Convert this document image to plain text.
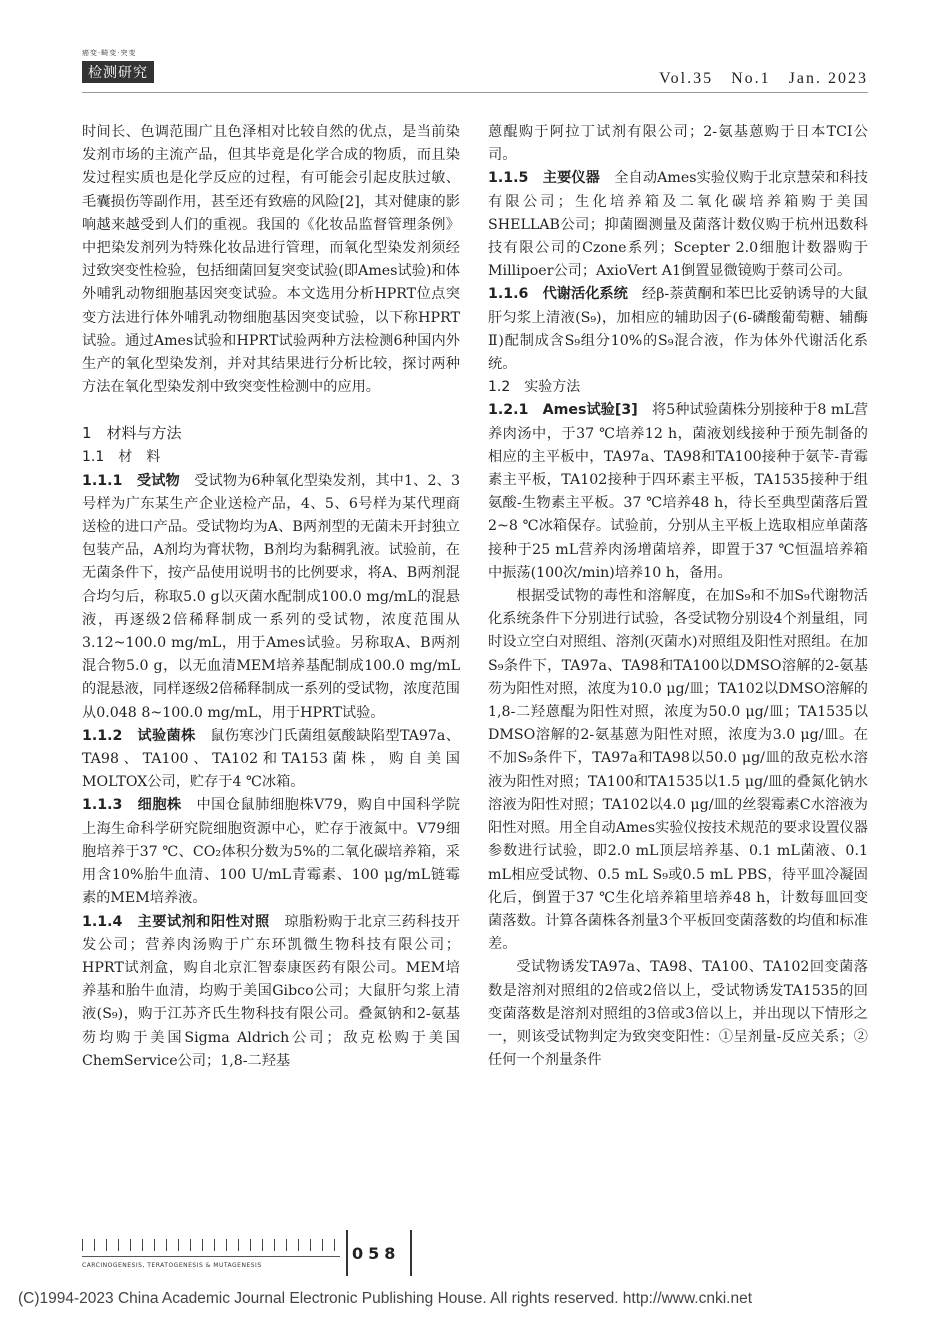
癌变·畸变·突变
检测研究	Vol.35　No.1　Jan. 2023

时间长、色调范围广且色泽相对比较自然的优点，是当前染发剂市场的主流产品，但其毕竟是化学合成的物质，而且染发过程实质也是化学反应的过程，有可能会引起皮肤过敏、毛囊损伤等副作用，甚至还有致癌的风险[2]，其对健康的影响越来越受到人们的重视。我国的《化妆品监督管理条例》中把染发剂列为特殊化妆品进行管理，而氧化型染发剂须经过致突变性检验，包括细菌回复突变试验(即Ames试验)和体外哺乳动物细胞基因突变试验。本文选用分析HPRT位点突变方法进行体外哺乳动物细胞基因突变试验，以下称HPRT试验。通过Ames试验和HPRT试验两种方法检测6种国内外生产的氧化型染发剂，并对其结果进行分析比较，探讨两种方法在氧化型染发剂中致突变性检测中的应用。

1　材料与方法

1.1　材　料

1.1.1　受试物　 受试物为6种氧化型染发剂，其中1、2、3号样为广东某生产企业送检产品，4、5、6号样为某代理商送检的进口产品。受试物均为A、B两剂型的无菌未开封独立包装产品，A剂均为膏状物，B剂均为黏稠乳液。试验前，在无菌条件下，按产品使用说明书的比例要求，将A、B两剂混合均匀后，称取5.0 g以灭菌水配制成100.0 mg/mL的混悬液，再逐级2倍稀释制成一系列的受试物，浓度范围从3.12~100.0 mg/mL，用于Ames试验。另称取A、B两剂混合物5.0 g，以无血清MEM培养基配制成100.0 mg/mL的混悬液，同样逐级2倍稀释制成一系列的受试物，浓度范围从0.048 8~100.0 mg/mL，用于HPRT试验。

1.1.2　试验菌株　 鼠伤寒沙门氏菌组氨酸缺陷型TA97a、TA98、TA100、TA102和TA153菌株，购自美国MOLTOX公司，贮存于4 ℃冰箱。

1.1.3　细胞株　 中国仓鼠肺细胞株V79，购自中国科学院上海生命科学研究院细胞资源中心，贮存于液氮中。V79细胞培养于37 ℃、CO₂体积分数为5%的二氧化碳培养箱，采用含10%胎牛血清、100 U/mL青霉素、100 μg/mL链霉素的MEM培养液。

1.1.4　主要试剂和阳性对照　 琼脂粉购于北京三药科技开发公司；营养肉汤购于广东环凯微生物科技有限公司；HPRT试剂盒，购自北京汇智泰康医药有限公司。MEM培养基和胎牛血清，均购于美国Gibco公司；大鼠肝匀浆上清液(S₉)，购于江苏齐氏生物科技有限公司。叠氮钠和2-氨基芴均购于美国Sigma Aldrich公司；敌克松购于美国ChemService公司；1,8-二羟基

蒽醌购于阿拉丁试剂有限公司；2-氨基蒽购于日本TCI公司。

1.1.5　主要仪器　 全自动Ames实验仪购于北京慧荣和科技有限公司；生化培养箱及二氧化碳培养箱购于美国SHELLAB公司；抑菌圈测量及菌落计数仪购于杭州迅数科技有限公司的Czone系列；Scepter 2.0细胞计数器购于Millipoer公司；AxioVert A1倒置显微镜购于蔡司公司。

1.1.6　代谢活化系统　 经β-萘黄酮和苯巴比妥钠诱导的大鼠肝匀浆上清液(S₉)，加相应的辅助因子(6-磷酸葡萄糖、辅酶Ⅱ)配制成含S₉组分10%的S₉混合液，作为体外代谢活化系统。

1.2　实验方法

1.2.1　Ames试验[3]　 将5种试验菌株分别接种于8 mL营养肉汤中，于37 ℃培养12 h，菌液划线接种于预先制备的相应的主平板中，TA97a、TA98和TA100接种于氨苄-青霉素主平板，TA102接种于四环素主平板，TA1535接种于组氨酸-生物素主平板。37 ℃培养48 h，待长至典型菌落后置2~8 ℃冰箱保存。试验前，分别从主平板上选取相应单菌落接种于25 mL营养肉汤增菌培养，即置于37 ℃恒温培养箱中振荡(100次/min)培养10 h，备用。

根据受试物的毒性和溶解度，在加S₉和不加S₉代谢物活化系统条件下分别进行试验，各受试物分别设4个剂量组，同时设立空白对照组、溶剂(灭菌水)对照组及阳性对照组。在加S₉条件下，TA97a、TA98和TA100以DMSO溶解的2-氨基芴为阳性对照，浓度为10.0 μg/皿；TA102以DMSO溶解的1,8-二羟蒽醌为阳性对照，浓度为50.0 μg/皿；TA1535以DMSO溶解的2-氨基蒽为阳性对照，浓度为3.0 μg/皿。在不加S₉条件下，TA97a和TA98以50.0 μg/皿的敌克松水溶液为阳性对照；TA100和TA1535以1.5 μg/皿的叠氮化钠水溶液为阳性对照；TA102以4.0 μg/皿的丝裂霉素C水溶液为阳性对照。用全自动Ames实验仪按技术规范的要求设置仪器参数进行试验，即2.0 mL顶层培养基、0.1 mL菌液、0.1 mL相应受试物、0.5 mL S₉或0.5 mL PBS，待平皿冷凝固化后，倒置于37 ℃生化培养箱里培养48 h，计数每皿回变菌落数。计算各菌株各剂量3个平板回变菌落数的均值和标准差。

受试物诱发TA97a、TA98、TA100、TA102回变菌落数是溶剂对照组的2倍或2倍以上，受试物诱发TA1535的回变菌落数是溶剂对照组的3倍或3倍以上，并出现以下情形之一，则该受试物判定为致突变阳性：①呈剂量-反应关系；②任何一个剂量条件

CARCINOGENESIS, TERATOGENESIS & MUTAGENESIS
058
(C)1994-2023 China Academic Journal Electronic Publishing House. All rights reserved. http://www.cnki.net
